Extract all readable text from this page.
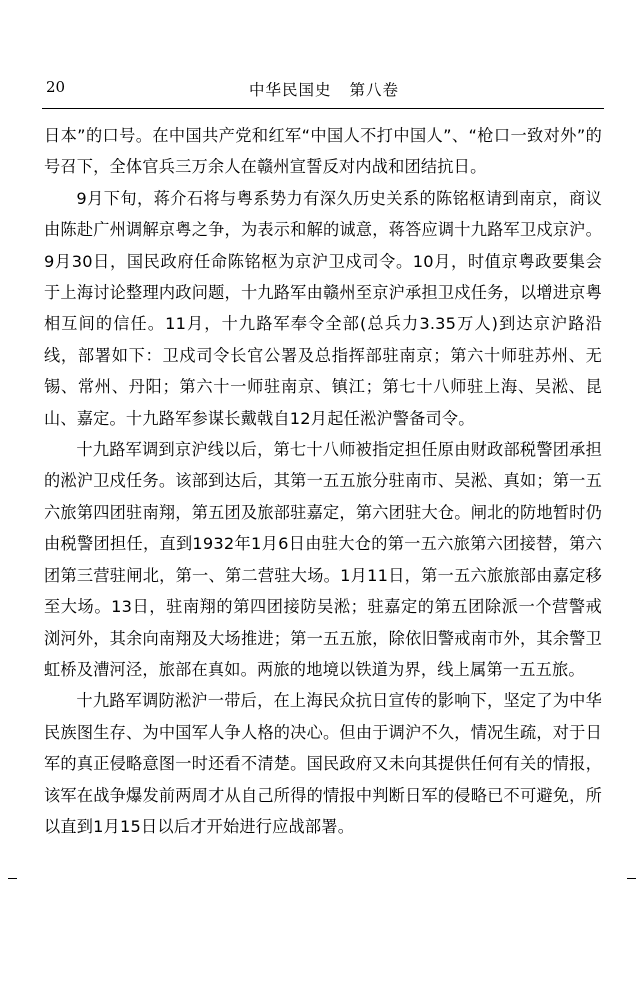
20	中华民国史 第八卷

日本”的口号。在中国共产党和红军“中国人不打中国人”、“枪口一致对外”的号召下，全体官兵三万余人在赣州宣誓反对内战和团结抗日。

9月下旬，蒋介石将与粤系势力有深久历史关系的陈铭枢请到南京，商议由陈赴广州调解京粤之争，为表示和解的诚意，蒋答应调十九路军卫戍京沪。9月30日，国民政府任命陈铭枢为京沪卫戍司令。10月，时值京粤政要集会于上海讨论整理内政问题，十九路军由赣州至京沪承担卫戍任务，以增进京粤相互间的信任。11月，十九路军奉令全部(总兵力3.35万人)到达京沪路沿线，部署如下：卫戍司令长官公署及总指挥部驻南京；第六十师驻苏州、无锡、常州、丹阳；第六十一师驻南京、镇江；第七十八师驻上海、吴淞、昆山、嘉定。十九路军参谋长戴戟自12月起任淞沪警备司令。

十九路军调到京沪线以后，第七十八师被指定担任原由财政部税警团承担的淞沪卫戍任务。该部到达后，其第一五五旅分驻南市、吴淞、真如；第一五六旅第四团驻南翔，第五团及旅部驻嘉定，第六团驻大仓。闸北的防地暂时仍由税警团担任，直到1932年1月6日由驻大仓的第一五六旅第六团接替，第六团第三营驻闸北，第一、第二营驻大场。1月11日，第一五六旅旅部由嘉定移至大场。13日，驻南翔的第四团接防吴淞；驻嘉定的第五团除派一个营警戒浏河外，其余向南翔及大场推进；第一五五旅，除依旧警戒南市外，其余警卫虹桥及漕河泾，旅部在真如。两旅的地境以铁道为界，线上属第一五五旅。

十九路军调防淞沪一带后，在上海民众抗日宣传的影响下，坚定了为中华民族图生存、为中国军人争人格的决心。但由于调沪不久，情况生疏，对于日军的真正侵略意图一时还看不清楚。国民政府又未向其提供任何有关的情报，该军在战争爆发前两周才从自己所得的情报中判断日军的侵略已不可避免，所以直到1月15日以后才开始进行应战部署。
